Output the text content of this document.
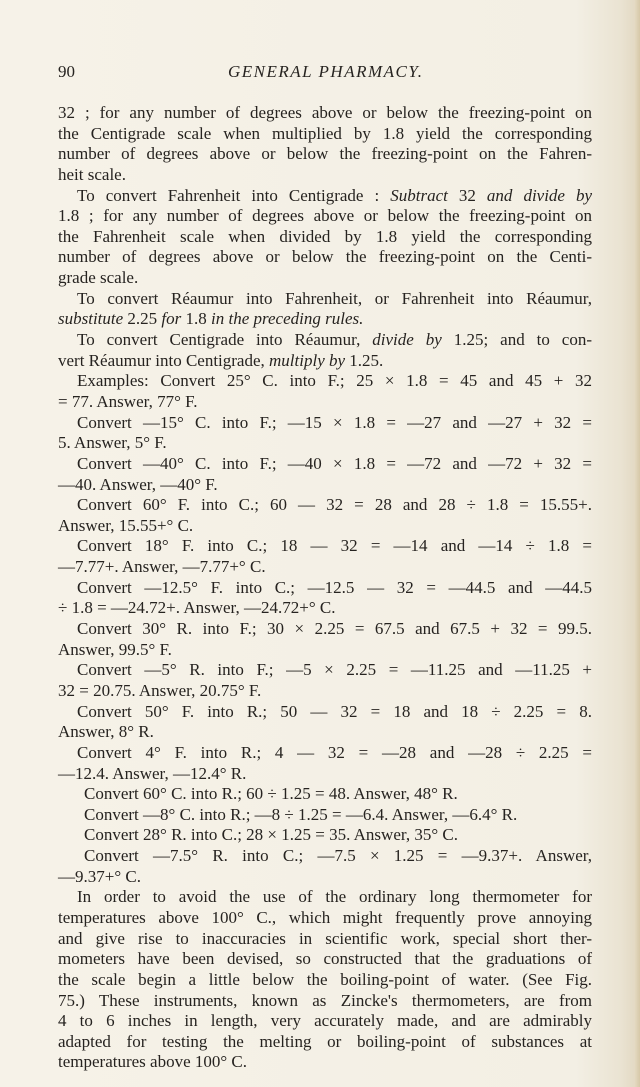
90	GENERAL PHARMACY.
32 ; for any number of degrees above or below the freezing-point on
the Centigrade scale when multiplied by 1.8 yield the corresponding
number of degrees above or below the freezing-point on the Fahren-
heit scale.
To convert Fahrenheit into Centigrade : Subtract 32 and divide by
1.8 ; for any number of degrees above or below the freezing-point on
the Fahrenheit scale when divided by 1.8 yield the corresponding
number of degrees above or below the freezing-point on the Centi-
grade scale.
To convert Réaumur into Fahrenheit, or Fahrenheit into Réaumur,
substitute 2.25 for 1.8 in the preceding rules.
To convert Centigrade into Réaumur, divide by 1.25; and to con-
vert Réaumur into Centigrade, multiply by 1.25.
Examples: Convert 25° C. into F.; 25 × 1.8 = 45 and 45 + 32
= 77. Answer, 77° F.
Convert —15° C. into F.; —15 × 1.8 = —27 and —27 + 32 =
5. Answer, 5° F.
Convert —40° C. into F.; —40 × 1.8 = —72 and —72 + 32 =
—40. Answer, —40° F.
Convert 60° F. into C.; 60 — 32 = 28 and 28 ÷ 1.8 = 15.55+.
Answer, 15.55+° C.
Convert 18° F. into C.; 18 — 32 = —14 and —14 ÷ 1.8 =
—7.77+. Answer, —7.77+° C.
Convert —12.5° F. into C.; —12.5 — 32 = —44.5 and —44.5
÷ 1.8 = —24.72+. Answer, —24.72+° C.
Convert 30° R. into F.; 30 × 2.25 = 67.5 and 67.5 + 32 = 99.5.
Answer, 99.5° F.
Convert —5° R. into F.; —5 × 2.25 = —11.25 and —11.25 +
32 = 20.75. Answer, 20.75° F.
Convert 50° F. into R.; 50 — 32 = 18 and 18 ÷ 2.25 = 8.
Answer, 8° R.
Convert 4° F. into R.; 4 — 32 = —28 and —28 ÷ 2.25 =
—12.4. Answer, —12.4° R.
Convert 60° C. into R.; 60 ÷ 1.25 = 48. Answer, 48° R.
Convert —8° C. into R.; —8 ÷ 1.25 = —6.4. Answer, —6.4° R.
Convert 28° R. into C.; 28 × 1.25 = 35. Answer, 35° C.
Convert —7.5° R. into C.; —7.5 × 1.25 = —9.37+. Answer,
—9.37+° C.
In order to avoid the use of the ordinary long thermometer for
temperatures above 100° C., which might frequently prove annoying
and give rise to inaccuracies in scientific work, special short ther-
mometers have been devised, so constructed that the graduations of
the scale begin a little below the boiling-point of water. (See Fig.
75.) These instruments, known as Zincke's thermometers, are from
4 to 6 inches in length, very accurately made, and are admirably
adapted for testing the melting or boiling-point of substances at
temperatures above 100° C.
